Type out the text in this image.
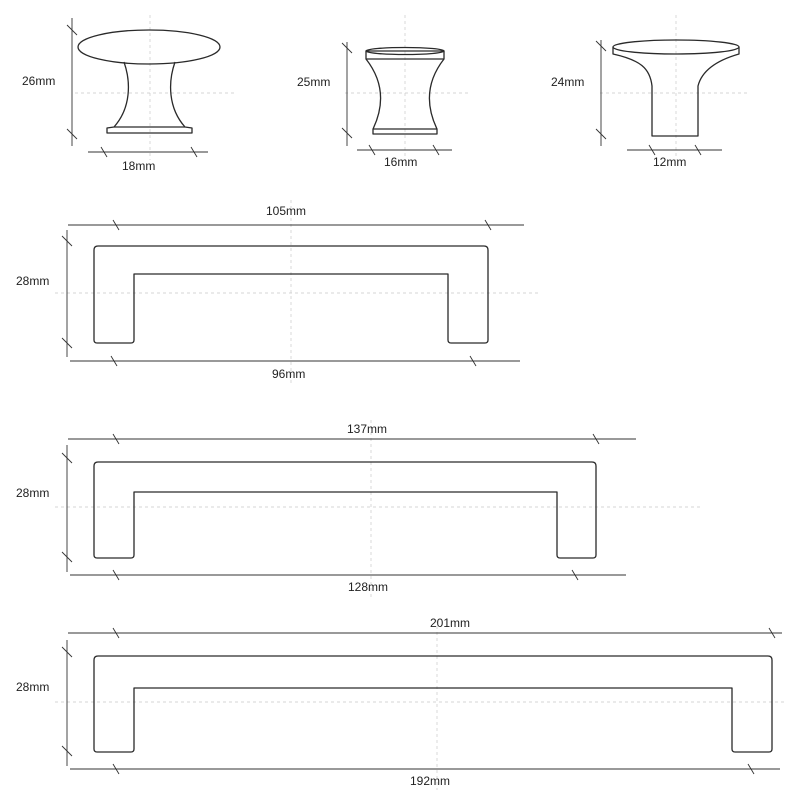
26mm
18mm
25mm
16mm
24mm
12mm
105mm
28mm
96mm
137mm
28mm
128mm
201mm
28mm
192mm
